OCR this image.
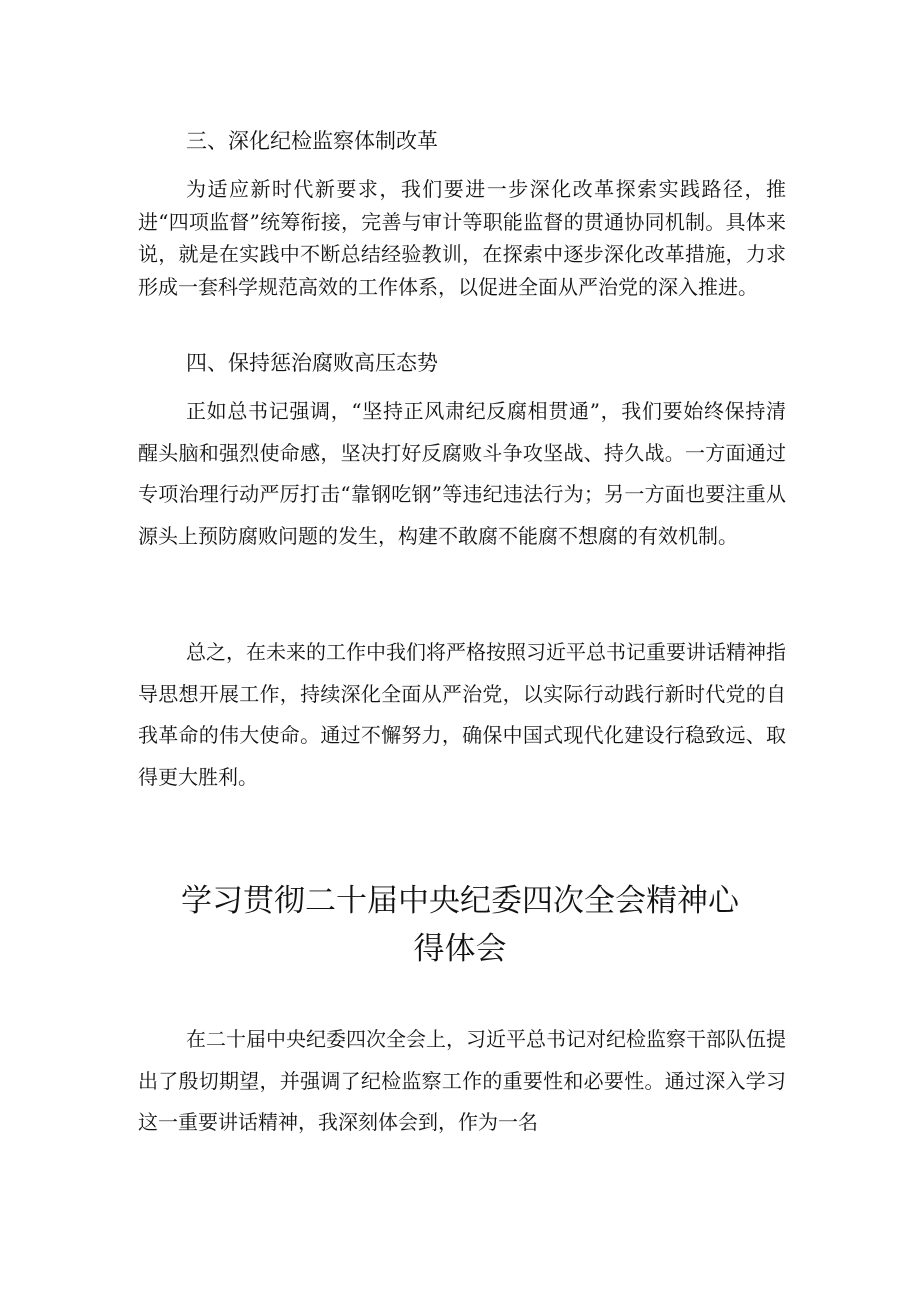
三、深化纪检监察体制改革

为适应新时代新要求，我们要进一步深化改革探索实践路径，推进“四项监督”统筹衔接，完善与审计等职能监督的贯通协同机制。具体来说，就是在实践中不断总结经验教训，在探索中逐步深化改革措施，力求形成一套科学规范高效的工作体系，以促进全面从严治党的深入推进。

四、保持惩治腐败高压态势

正如总书记强调，“坚持正风肃纪反腐相贯通”，我们要始终保持清醒头脑和强烈使命感，坚决打好反腐败斗争攻坚战、持久战。一方面通过专项治理行动严厉打击“靠钢吃钢”等违纪违法行为；另一方面也要注重从源头上预防腐败问题的发生，构建不敢腐不能腐不想腐的有效机制。

总之，在未来的工作中我们将严格按照习近平总书记重要讲话精神指导思想开展工作，持续深化全面从严治党，以实际行动践行新时代党的自我革命的伟大使命。通过不懈努力，确保中国式现代化建设行稳致远、取得更大胜利。

学习贯彻二十届中央纪委四次全会精神心
得体会

在二十届中央纪委四次全会上，习近平总书记对纪检监察干部队伍提出了殷切期望，并强调了纪检监察工作的重要性和必要性。通过深入学习这一重要讲话精神，我深刻体会到，作为一名
